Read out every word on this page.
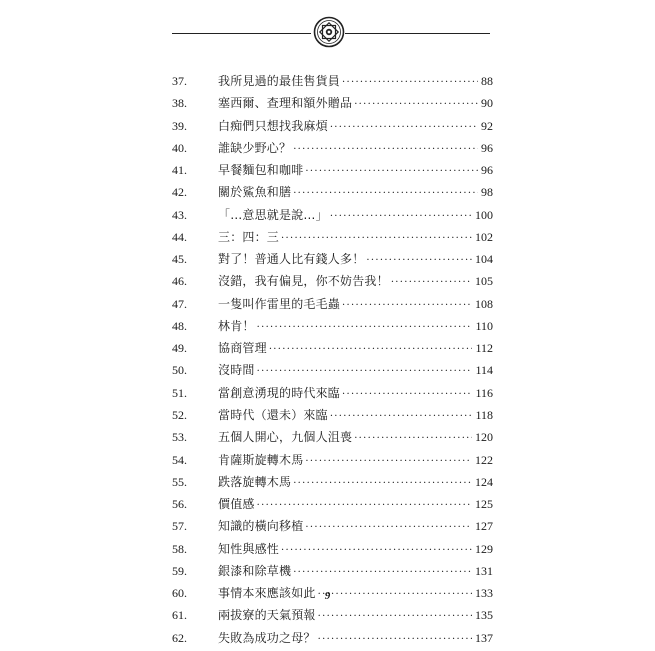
37.	我所見過的最佳售貨員 ·····	88
38.	塞西爾、查理和額外贈品 ·····	90
39.	白痴們只想找我麻煩 ·····	92
40.	誰缺少野心？ ·····	96
41.	早餐麵包和咖啡 ·····	96
42.	關於鯊魚和膳 ·····	98
43.	「…意思就是說…」 ·····	100
44.	三：四：三 ·····	102
45.	對了！普通人比有錢人多！ ·····	104
46.	沒錯，我有偏見，你不妨告我！ ·····	105
47.	一隻叫作雷里的毛毛蟲 ·····	108
48.	林肯！ ·····	110
49.	協商管理 ·····	112
50.	沒時間 ·····	114
51.	當創意湧現的時代來臨 ·····	116
52.	當時代（還未）來臨 ·····	118
53.	五個人開心，九個人沮喪 ·····	120
54.	肯薩斯旋轉木馬 ·····	122
55.	跌落旋轉木馬 ·····	124
56.	價值感 ·····	125
57.	知識的橫向移植 ·····	127
58.	知性與感性 ·····	129
59.	銀漆和除草機 ·····	131
60.	事情本來應該如此 ·····	133
61.	兩拔寮的天氣預報 ·····	135
62.	失敗為成功之母？ ·····	137
9
